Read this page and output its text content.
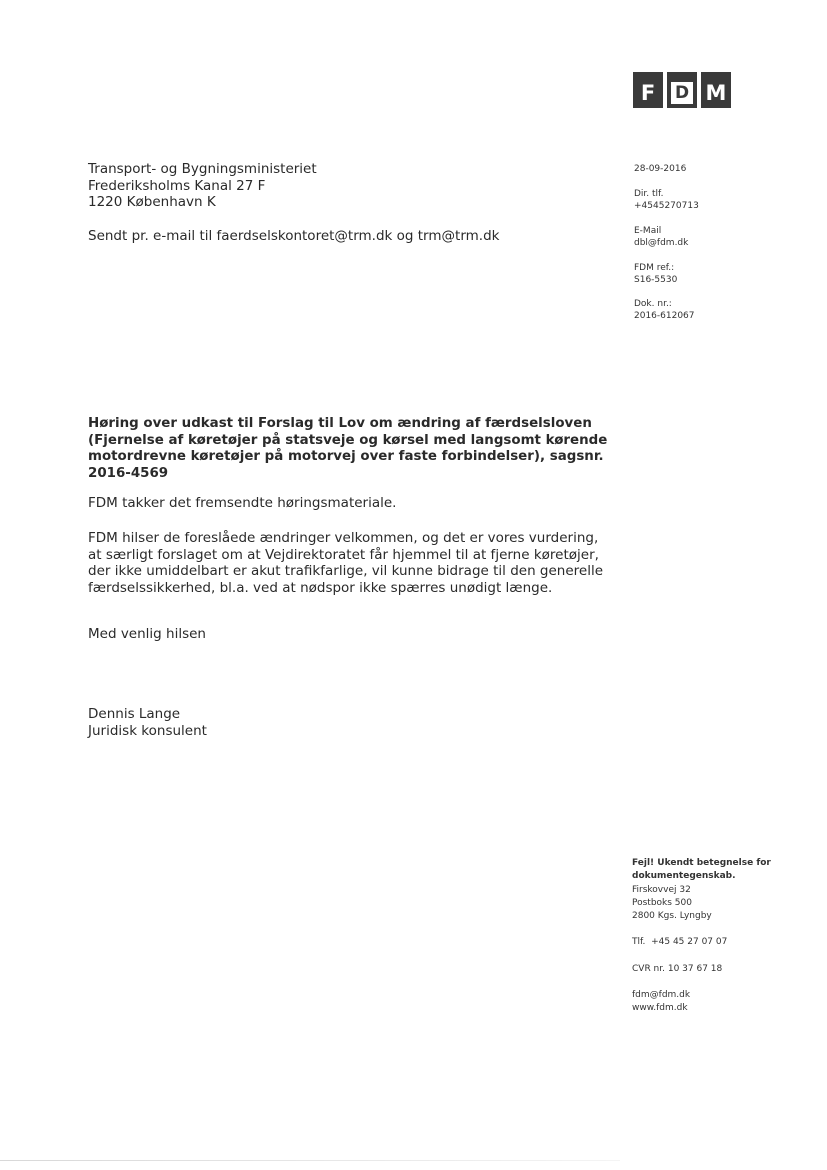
F D M
Transport- og Bygningsministeriet
Frederiksholms Kanal 27 F
1220 København K
Sendt pr. e-mail til faerdselskontoret@trm.dk og trm@trm.dk
28-09-2016
Dir. tlf.
+4545270713
E-Mail
dbl@fdm.dk
FDM ref.:
S16-5530
Dok. nr.:
2016-612067
Høring over udkast til Forslag til Lov om ændring af færdselsloven
(Fjernelse af køretøjer på statsveje og kørsel med langsomt kørende
motordrevne køretøjer på motorvej over faste forbindelser), sagsnr.
2016-4569
FDM takker det fremsendte høringsmateriale.
FDM hilser de foreslåede ændringer velkommen, og det er vores vurdering,
at særligt forslaget om at Vejdirektoratet får hjemmel til at fjerne køretøjer,
der ikke umiddelbart er akut trafikfarlige, vil kunne bidrage til den generelle
færdselssikkerhed, bl.a. ved at nødspor ikke spærres unødigt længe.
Med venlig hilsen
Dennis Lange
Juridisk konsulent
Fejl! Ukendt betegnelse for
dokumentegenskab.
Firskovvej 32
Postboks 500
2800 Kgs. Lyngby
Tlf.  +45 45 27 07 07
CVR nr. 10 37 67 18
fdm@fdm.dk
www.fdm.dk
